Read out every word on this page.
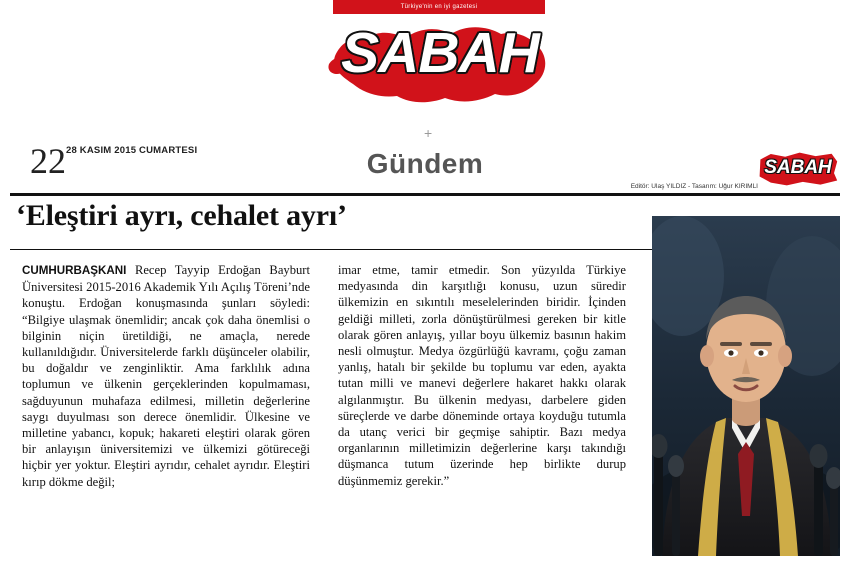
Türkiye'nin en iyi gazetesi
SABAH
+
22 28 KASIM 2015 CUMARTESI	Gündem
Editör: Ulaş YILDIZ - Tasarım: Uğur KIRIMLI
SABAH
‘Eleştiri ayrı, cehalet ayrı’

CUMHURBAŞKANI Recep Tayyip Erdoğan Bayburt Üniversitesi 2015-2016 Akademik Yılı Açılış Töreni’nde konuştu. Erdoğan konuşmasında şunları söyledi: “Bilgiye ulaşmak önemlidir; ancak çok daha önemlisi o bilginin niçin üretildiği, ne amaçla, nerede kullanıldığıdır. Üniversitelerde farklı düşünceler olabilir, bu doğaldır ve zenginliktir. Ama farklılık adına toplumun ve ülkenin gerçeklerinden kopulmaması, sağduyunun muhafaza edilmesi, milletin değerlerine saygı duyulması son derece önemlidir. Ülkesine ve milletine yabancı, kopuk; hakareti eleştiri olarak gören bir anlayışın üniversitemizi ve ülkemizi götüreceği hiçbir yer yoktur. Eleştiri ayrıdır, cehalet ayrıdır. Eleştiri kırıp dökme değil;

imar etme, tamir etmedir. Son yüzyılda Türkiye medyasında din karşıtlığı konusu, uzun süredir ülkemizin en sıkıntılı meselelerinden biridir. İçinden geldiği milleti, zorla dönüştürülmesi gereken bir kitle olarak gören anlayış, yıllar boyu ülkemiz basının hakim nesli olmuştur. Medya özgürlüğü kavramı, çoğu zaman yanlış, hatalı bir şekilde bu toplumu var eden, ayakta tutan milli ve manevi değerlere hakaret hakkı olarak algılanmıştır. Bu ülkenin medyası, darbelere giden süreçlerde ve darbe döneminde ortaya koyduğu tutumla da utanç verici bir geçmişe sahiptir. Bazı medya organlarının milletimizin değerlerine karşı takındığı düşmanca tutum üzerinde hep birlikte durup düşünmemiz gerekir.”
